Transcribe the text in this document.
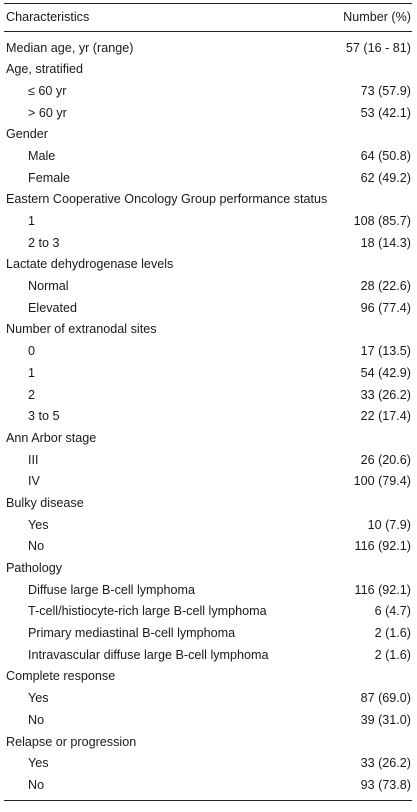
Characteristics	Number (%)
Median age, yr (range)	57 (16 - 81)
Age, stratified
≤ 60 yr	73 (57.9)
> 60 yr	53 (42.1)
Gender
Male	64 (50.8)
Female	62 (49.2)
Eastern Cooperative Oncology Group performance status
1	108 (85.7)
2 to 3	18 (14.3)
Lactate dehydrogenase levels
Normal	28 (22.6)
Elevated	96 (77.4)
Number of extranodal sites
0	17 (13.5)
1	54 (42.9)
2	33 (26.2)
3 to 5	22 (17.4)
Ann Arbor stage
III	26 (20.6)
IV	100 (79.4)
Bulky disease
Yes	10 (7.9)
No	116 (92.1)
Pathology
Diffuse large B-cell lymphoma	116 (92.1)
T-cell/histiocyte-rich large B-cell lymphoma	6 (4.7)
Primary mediastinal B-cell lymphoma	2 (1.6)
Intravascular diffuse large B-cell lymphoma	2 (1.6)
Complete response
Yes	87 (69.0)
No	39 (31.0)
Relapse or progression
Yes	33 (26.2)
No	93 (73.8)
